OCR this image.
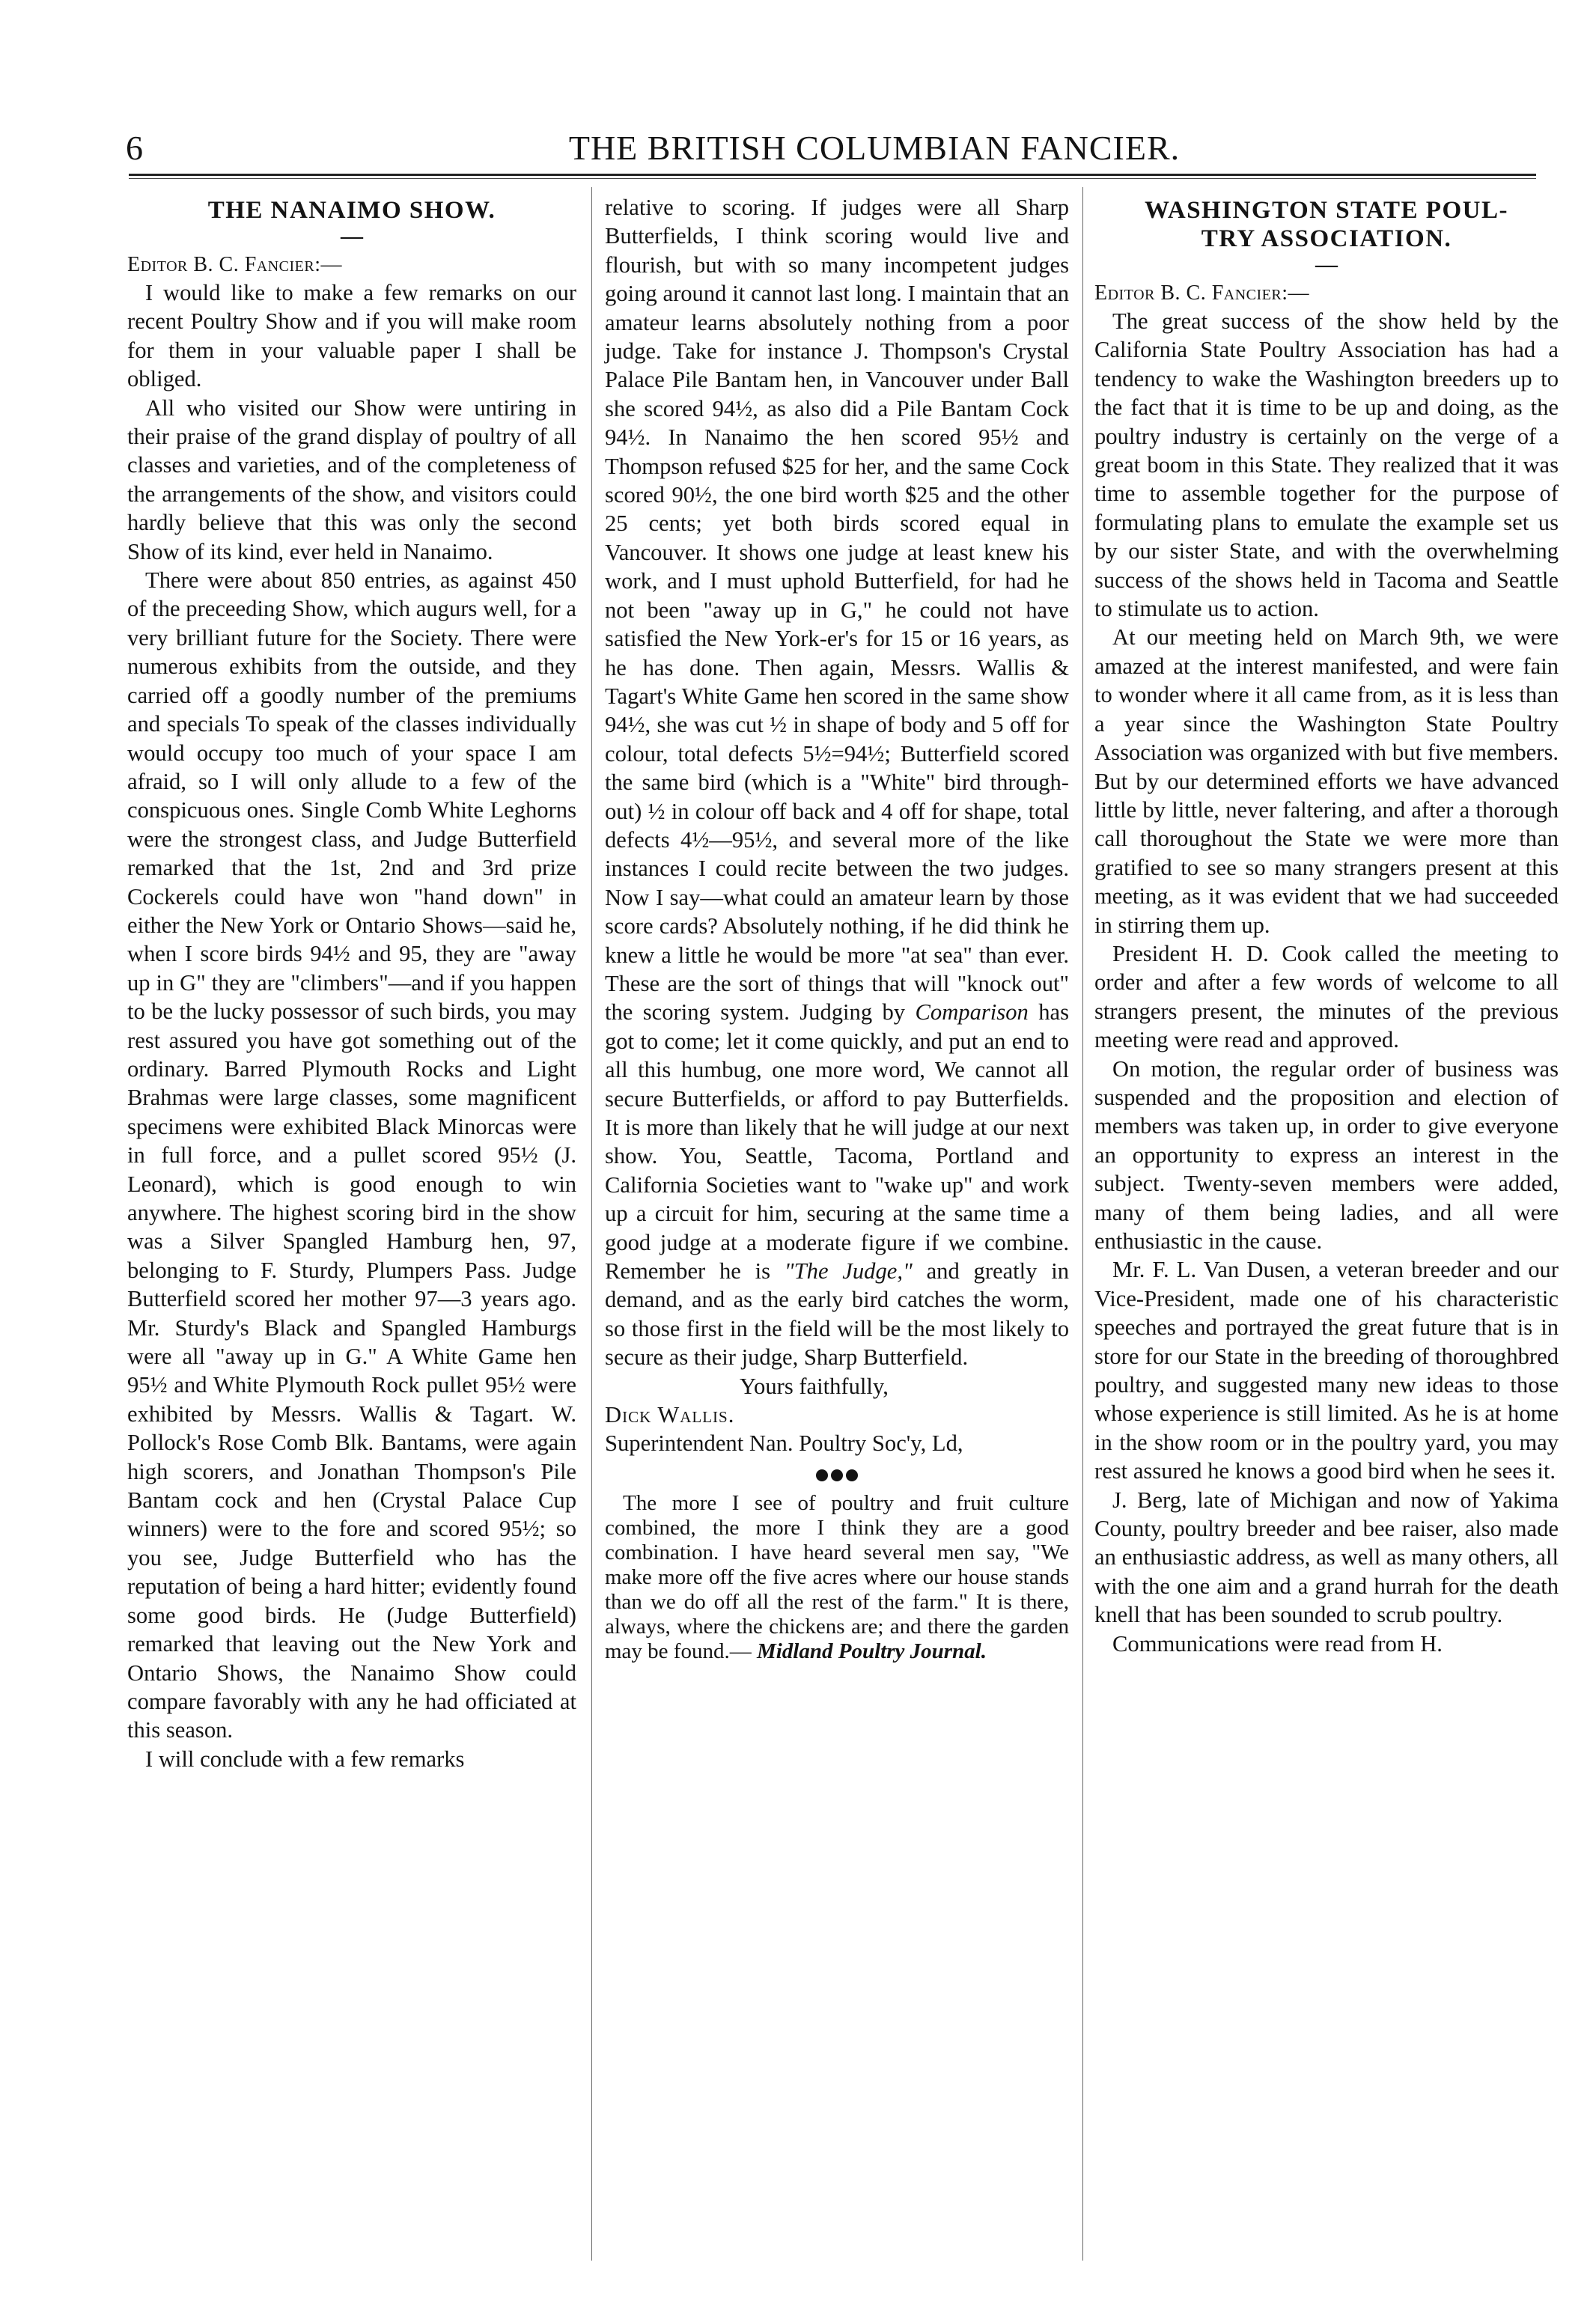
6	THE BRITISH COLUMBIAN FANCIER.
THE NANAIMO SHOW.
—
Editor B. C. Fancier:—

I would like to make a few remarks on our recent Poultry Show and if you will make room for them in your valuable paper I shall be obliged.

All who visited our Show were untiring in their praise of the grand display of poultry of all classes and varieties, and of the completeness of the arrangements of the show, and visitors could hardly believe that this was only the second Show of its kind, ever held in Nanaimo.

There were about 850 entries, as against 450 of the preceeding Show, which augurs well, for a very brilliant future for the Society. There were numerous exhibits from the outside, and they carried off a goodly number of the premiums and specials To speak of the classes individually would occupy too much of your space I am afraid, so I will only allude to a few of the conspicuous ones. Single Comb White Leghorns were the strongest class, and Judge Butterfield remarked that the 1st, 2nd and 3rd prize Cockerels could have won "hand down" in either the New York or Ontario Shows—said he, when I score birds 94½ and 95, they are "away up in G" they are "climbers"—and if you happen to be the lucky possessor of such birds, you may rest assured you have got something out of the ordinary. Barred Plymouth Rocks and Light Brahmas were large classes, some magnificent specimens were exhibited Black Minorcas were in full force, and a pullet scored 95½ (J. Leonard), which is good enough to win anywhere. The highest scoring bird in the show was a Silver Spangled Hamburg hen, 97, belonging to F. Sturdy, Plumpers Pass. Judge Butterfield scored her mother 97—3 years ago. Mr. Sturdy's Black and Spangled Hamburgs were all "away up in G." A White Game hen 95½ and White Plymouth Rock pullet 95½ were exhibited by Messrs. Wallis & Tagart. W. Pollock's Rose Comb Blk. Bantams, were again high scorers, and Jonathan Thompson's Pile Bantam cock and hen (Crystal Palace Cup winners) were to the fore and scored 95½; so you see, Judge Butterfield who has the reputation of being a hard hitter; evidently found some good birds. He (Judge Butterfield) remarked that leaving out the New York and Ontario Shows, the Nanaimo Show could compare favorably with any he had officiated at this season.

I will conclude with a few remarks

relative to scoring. If judges were all Sharp Butterfields, I think scoring would live and flourish, but with so many incompetent judges going around it cannot last long. I maintain that an amateur learns absolutely nothing from a poor judge. Take for instance J. Thompson's Crystal Palace Pile Bantam hen, in Vancouver under Ball she scored 94½, as also did a Pile Bantam Cock 94½. In Nanaimo the hen scored 95½ and Thompson refused $25 for her, and the same Cock scored 90½, the one bird worth $25 and the other 25 cents; yet both birds scored equal in Vancouver. It shows one judge at least knew his work, and I must uphold Butterfield, for had he not been "away up in G," he could not have satisfied the New York-er's for 15 or 16 years, as he has done. Then again, Messrs. Wallis & Tagart's White Game hen scored in the same show 94½, she was cut ½ in shape of body and 5 off for colour, total defects 5½=94½; Butterfield scored the same bird (which is a "White" bird through-out) ½ in colour off back and 4 off for shape, total defects 4½—95½, and several more of the like instances I could recite between the two judges. Now I say—what could an amateur learn by those score cards? Absolutely nothing, if he did think he knew a little he would be more "at sea" than ever. These are the sort of things that will "knock out" the scoring system. Judging by Comparison has got to come; let it come quickly, and put an end to all this humbug, one more word, We cannot all secure Butterfields, or afford to pay Butterfields. It is more than likely that he will judge at our next show. You, Seattle, Tacoma, Portland and California Societies want to "wake up" and work up a circuit for him, securing at the same time a good judge at a moderate figure if we combine. Remember he is "The Judge," and greatly in demand, and as the early bird catches the worm, so those first in the field will be the most likely to secure as their judge, Sharp Butterfield.

Yours faithfully,

Dick Wallis.

Superintendent Nan. Poultry Soc'y, Ld,

The more I see of poultry and fruit culture combined, the more I think they are a good combination. I have heard several men say, "We make more off the five acres where our house stands than we do off all the rest of the farm." It is there, always, where the chickens are; and there the garden may be found.— Midland Poultry Journal.

WASHINGTON STATE POUL-
TRY ASSOCIATION.
—
Editor B. C. Fancier:—

The great success of the show held by the California State Poultry Association has had a tendency to wake the Washington breeders up to the fact that it is time to be up and doing, as the poultry industry is certainly on the verge of a great boom in this State. They realized that it was time to assemble together for the purpose of formulating plans to emulate the example set us by our sister State, and with the overwhelming success of the shows held in Tacoma and Seattle to stimulate us to action.

At our meeting held on March 9th, we were amazed at the interest manifested, and were fain to wonder where it all came from, as it is less than a year since the Washington State Poultry Association was organized with but five members. But by our determined efforts we have advanced little by little, never faltering, and after a thorough call thoroughout the State we were more than gratified to see so many strangers present at this meeting, as it was evident that we had succeeded in stirring them up.

President H. D. Cook called the meeting to order and after a few words of welcome to all strangers present, the minutes of the previous meeting were read and approved.

On motion, the regular order of business was suspended and the proposition and election of members was taken up, in order to give everyone an opportunity to express an interest in the subject. Twenty-seven members were added, many of them being ladies, and all were enthusiastic in the cause.

Mr. F. L. Van Dusen, a veteran breeder and our Vice-President, made one of his characteristic speeches and portrayed the great future that is in store for our State in the breeding of thoroughbred poultry, and suggested many new ideas to those whose experience is still limited. As he is at home in the show room or in the poultry yard, you may rest assured he knows a good bird when he sees it.

J. Berg, late of Michigan and now of Yakima County, poultry breeder and bee raiser, also made an enthusiastic address, as well as many others, all with the one aim and a grand hurrah for the death knell that has been sounded to scrub poultry.

Communications were read from H.
